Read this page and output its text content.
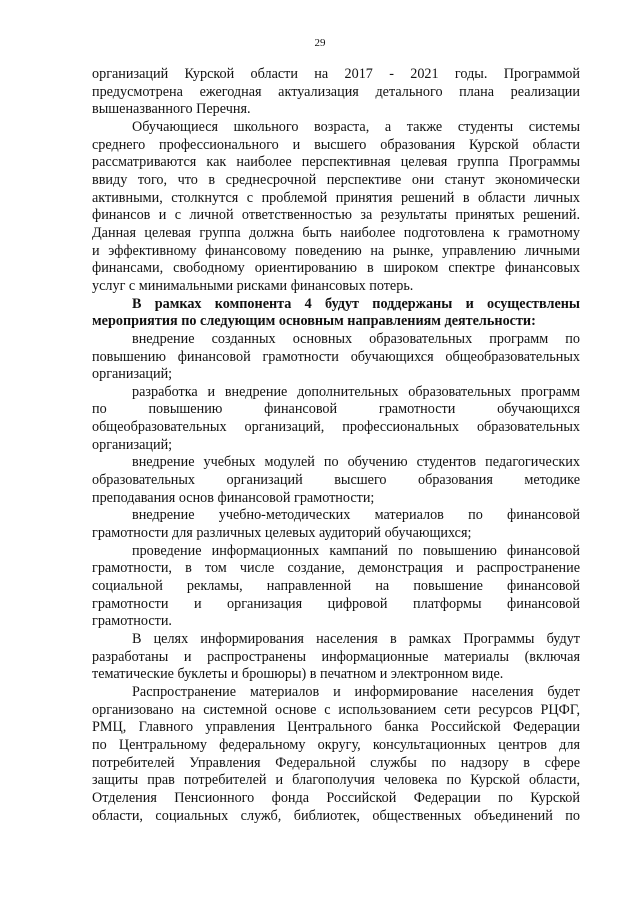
29

организаций Курской области на 2017 - 2021 годы. Программой
предусмотрена ежегодная актуализация детального плана реализации
вышеназванного Перечня.

Обучающиеся школьного возраста, а также студенты системы
среднего профессионального и высшего образования Курской области
рассматриваются как наиболее перспективная целевая группа Программы
ввиду того, что в среднесрочной перспективе они станут экономически
активными, столкнутся с проблемой принятия решений в области личных
финансов и с личной ответственностью за результаты принятых решений.
Данная целевая группа должна быть наиболее подготовлена к грамотному
и эффективному финансовому поведению на рынке, управлению личными
финансами, свободному ориентированию в широком спектре финансовых
услуг с минимальными рисками финансовых потерь.

В рамках компонента 4 будут поддержаны и осуществлены
мероприятия по следующим основным направлениям деятельности:

внедрение созданных основных образовательных программ по
повышению финансовой грамотности обучающихся общеобразовательных
организаций;

разработка и внедрение дополнительных образовательных программ
по повышению финансовой грамотности обучающихся
общеобразовательных организаций, профессиональных образовательных
организаций;

внедрение учебных модулей по обучению студентов педагогических
образовательных организаций высшего образования методике
преподавания основ финансовой грамотности;

внедрение учебно-методических материалов по финансовой
грамотности для различных целевых аудиторий обучающихся;

проведение информационных кампаний по повышению финансовой
грамотности, в том числе создание, демонстрация и распространение
социальной рекламы, направленной на повышение финансовой
грамотности и организация цифровой платформы финансовой
грамотности.

В целях информирования населения в рамках Программы будут
разработаны и распространены информационные материалы (включая
тематические буклеты и брошюры) в печатном и электронном виде.

Распространение материалов и информирование населения будет
организовано на системной основе с использованием сети ресурсов РЦФГ,
РМЦ, Главного управления Центрального банка Российской Федерации
по Центральному федеральному округу, консультационных центров для
потребителей Управления Федеральной службы по надзору в сфере
защиты прав потребителей и благополучия человека по Курской области,
Отделения Пенсионного фонда Российской Федерации по Курской
области, социальных служб, библиотек, общественных объединений по
